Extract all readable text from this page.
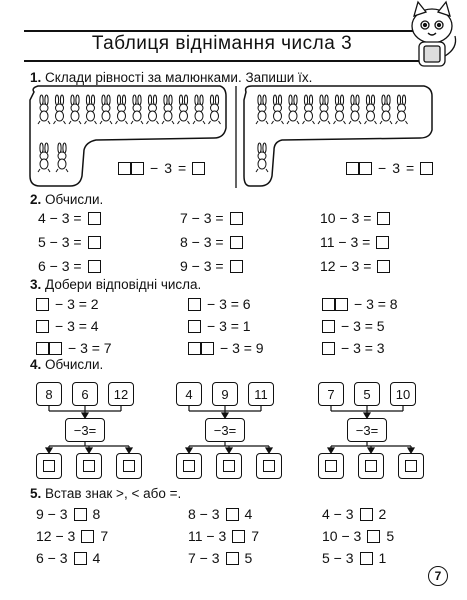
Таблиця віднімання числа 3
1. Склади рівності за малюнками. Запиши їх.
2. Обчисли.
3. Добери відповідні числа.
4. Обчисли.
5. Встав знак >, < або =.
− 3 =	− 3 =
4 − 3 =	7 − 3 =	10 − 3 =
5 − 3 =	8 − 3 =	11 − 3 =
6 − 3 =	9 − 3 =	12 − 3 =
− 3 = 2	− 3 = 6	− 3 = 8
− 3 = 4	− 3 = 1	− 3 = 5
− 3 = 7	− 3 = 9	− 3 = 3
8	6	12
−3=
4	9	11
−3=
7	5	10
−3=
9 − 3 8	8 − 3 4	4 − 3 2
12 − 3 7	11 − 3 7	10 − 3 5
6 − 3 4	7 − 3 5	5 − 3 1
7
